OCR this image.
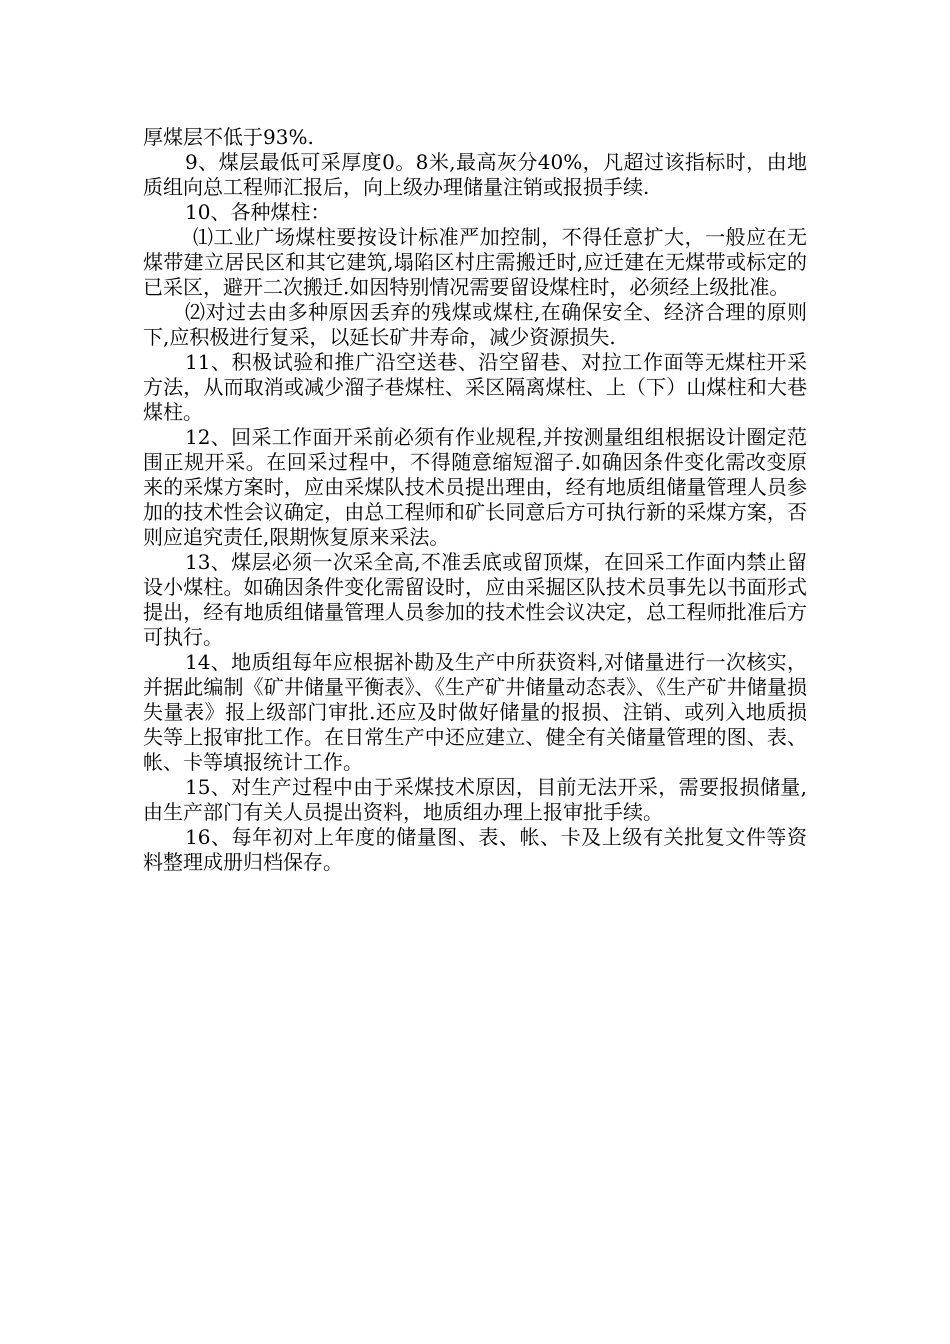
厚煤层不低于93%.

9、煤层最低可采厚度0。8米,最高灰分40%，凡超过该指标时，由地质组向总工程师汇报后，向上级办理储量注销或报损手续.

10、各种煤柱：

⑴工业广场煤柱要按设计标准严加控制，不得任意扩大，一般应在无煤带建立居民区和其它建筑,塌陷区村庄需搬迁时,应迁建在无煤带或标定的已采区，避开二次搬迁.如因特别情况需要留设煤柱时，必须经上级批准。

⑵对过去由多种原因丢弃的残煤或煤柱,在确保安全、经济合理的原则下,应积极进行复采，以延长矿井寿命，减少资源损失.

11、积极试验和推广沿空送巷、沿空留巷、对拉工作面等无煤柱开采方法，从而取消或减少溜子巷煤柱、采区隔离煤柱、上（下）山煤柱和大巷煤柱。

12、回采工作面开采前必须有作业规程,并按测量组组根据设计圈定范围正规开采。在回采过程中，不得随意缩短溜子.如确因条件变化需改变原来的采煤方案时，应由采煤队技术员提出理由，经有地质组储量管理人员参加的技术性会议确定，由总工程师和矿长同意后方可执行新的采煤方案，否则应追究责任,限期恢复原来采法。

13、煤层必须一次采全高,不准丢底或留顶煤，在回采工作面内禁止留设小煤柱。如确因条件变化需留设时，应由采掘区队技术员事先以书面形式提出，经有地质组储量管理人员参加的技术性会议决定，总工程师批准后方可执行。

14、地质组每年应根据补勘及生产中所获资料,对储量进行一次核实，并据此编制《矿井储量平衡表》、《生产矿井储量动态表》、《生产矿井储量损失量表》报上级部门审批.还应及时做好储量的报损、注销、或列入地质损失等上报审批工作。在日常生产中还应建立、健全有关储量管理的图、表、帐、卡等填报统计工作。

15、对生产过程中由于采煤技术原因，目前无法开采，需要报损储量,由生产部门有关人员提出资料，地质组办理上报审批手续。

16、每年初对上年度的储量图、表、帐、卡及上级有关批复文件等资料整理成册归档保存。
